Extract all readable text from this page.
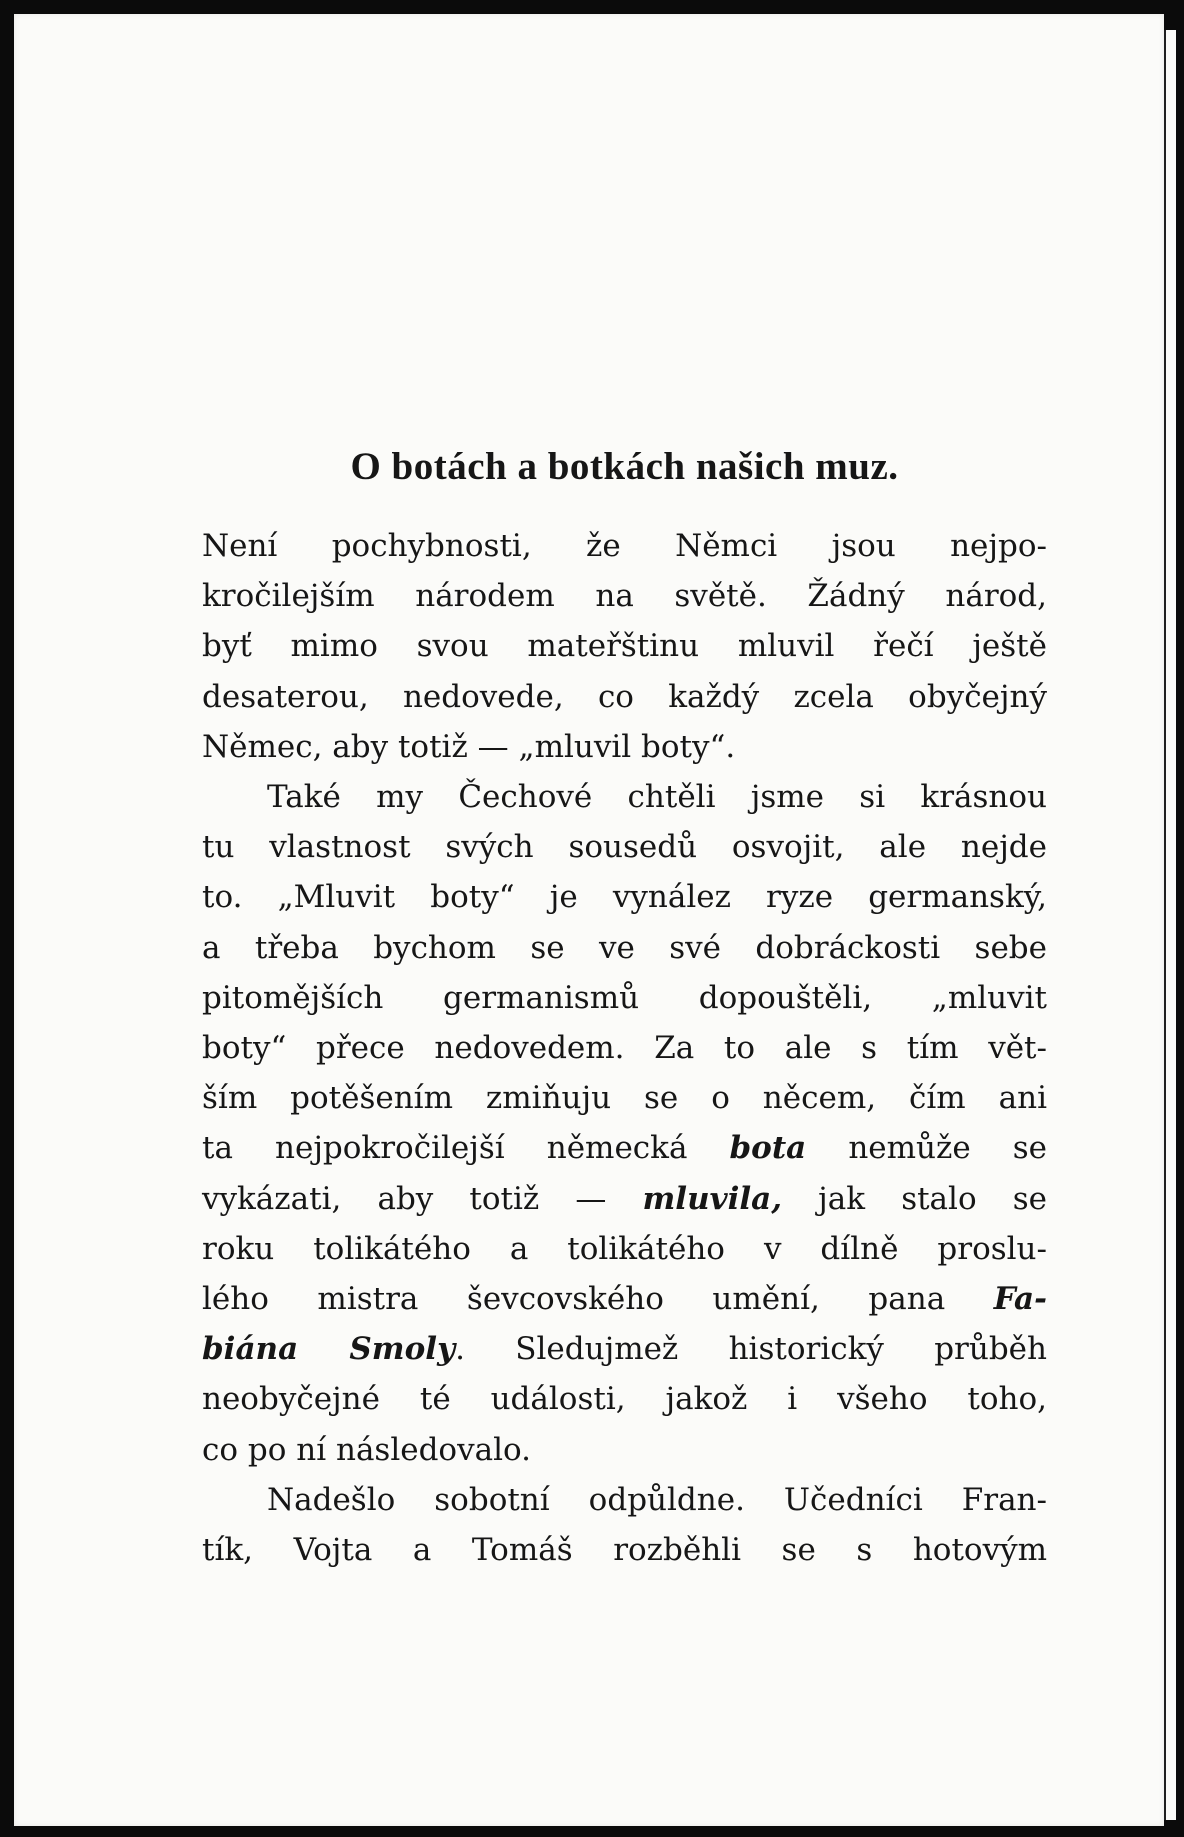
O botách a botkách našich muz.

Není pochybnosti, že Němci jsou nejpo-
kročilejším národem na světě. Žádný národ,
byť mimo svou mateřštinu mluvil řečí ještě
desaterou, nedovede, co každý zcela obyčejný
Němec, aby totiž — „mluvil boty“.

Také my Čechové chtěli jsme si krásnou
tu vlastnost svých sousedů osvojit, ale nejde
to. „Mluvit boty“ je vynález ryze germanský,
a třeba bychom se ve své dobráckosti sebe
pitomějších germanismů dopouštěli, „mluvit
boty“ přece nedovedem. Za to ale s tím vět-
ším potěšením zmiňuju se o něcem, čím ani
ta nejpokročilejší německá bota nemůže se
vykázati, aby totiž — mluvila, jak stalo se
roku tolikátého a tolikátého v dílně proslu-
lého mistra ševcovského umění, pana Fa-
biána Smoly. Sledujmež historický průběh
neobyčejné té události, jakož i všeho toho,
co po ní následovalo.

Nadešlo sobotní odpůldne. Učedníci Fran-
tík, Vojta a Tomáš rozběhli se s hotovým
